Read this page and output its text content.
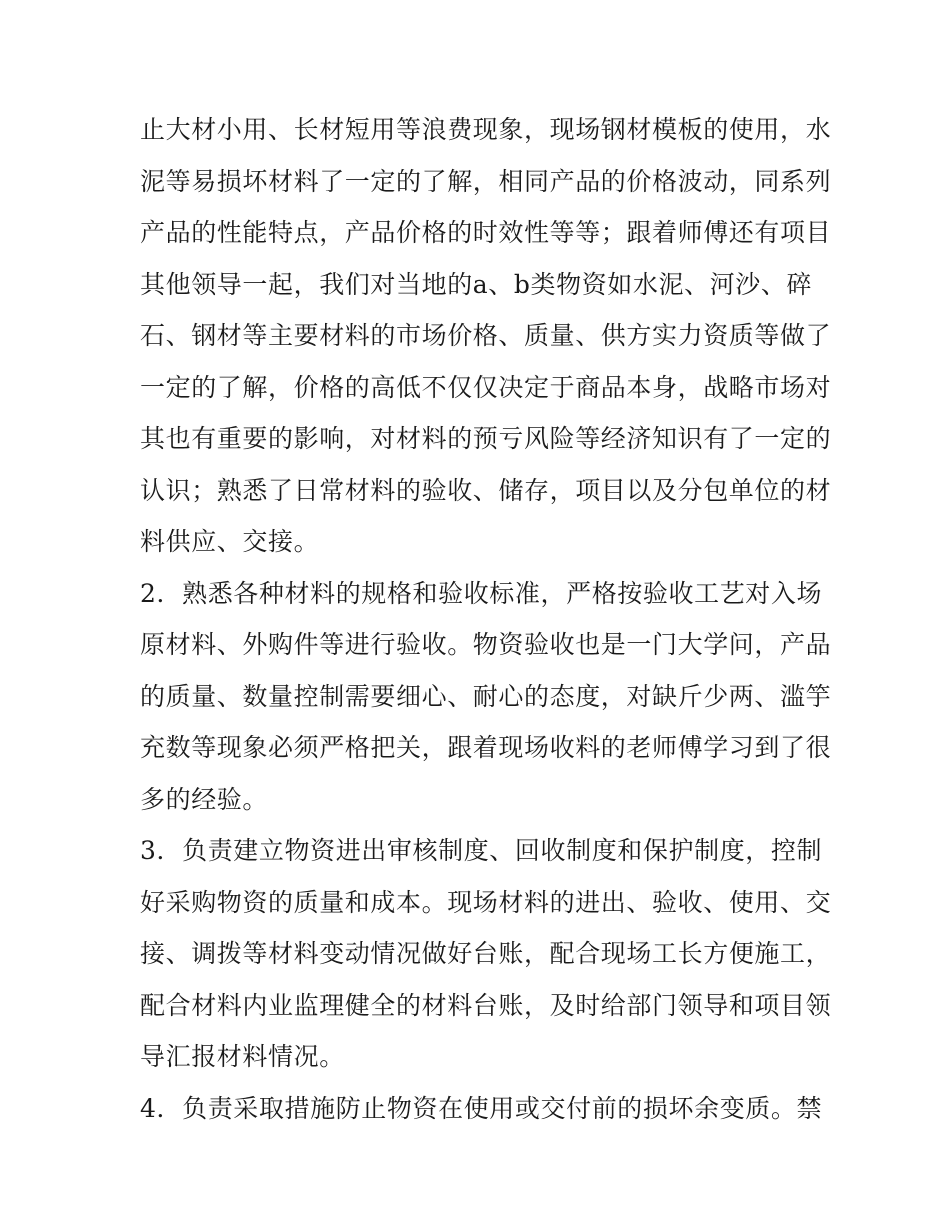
止大材小用、长材短用等浪费现象，现场钢材模板的使用，水
泥等易损坏材料了一定的了解，相同产品的价格波动，同系列
产品的性能特点，产品价格的时效性等等；跟着师傅还有项目
其他领导一起，我们对当地的a、b类物资如水泥、河沙、碎
石、钢材等主要材料的市场价格、质量、供方实力资质等做了
一定的了解，价格的高低不仅仅决定于商品本身，战略市场对
其也有重要的影响，对材料的预亏风险等经济知识有了一定的
认识；熟悉了日常材料的验收、储存，项目以及分包单位的材
料供应、交接。
2．熟悉各种材料的规格和验收标准，严格按验收工艺对入场
原材料、外购件等进行验收。物资验收也是一门大学问，产品
的质量、数量控制需要细心、耐心的态度，对缺斤少两、滥竽
充数等现象必须严格把关，跟着现场收料的老师傅学习到了很
多的经验。
3．负责建立物资进出审核制度、回收制度和保护制度，控制
好采购物资的质量和成本。现场材料的进出、验收、使用、交
接、调拨等材料变动情况做好台账，配合现场工长方便施工，
配合材料内业监理健全的材料台账，及时给部门领导和项目领
导汇报材料情况。
4．负责采取措施防止物资在使用或交付前的损坏余变质。禁
